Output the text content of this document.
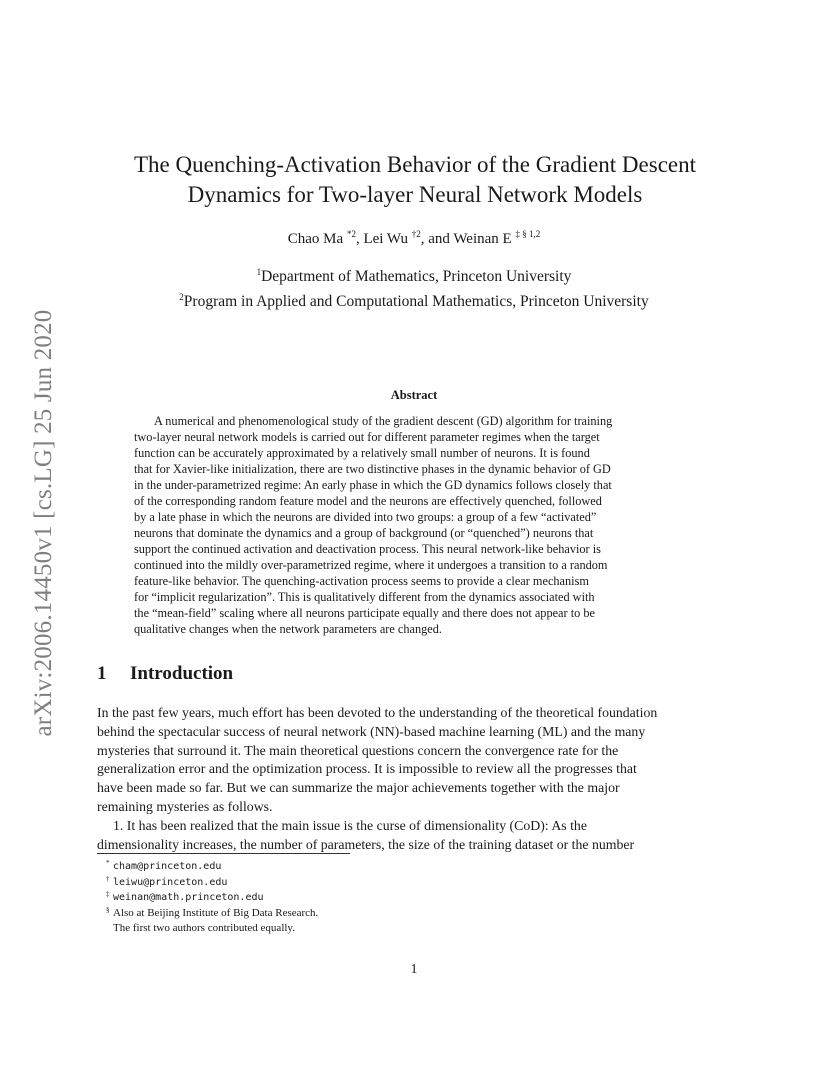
arXiv:2006.14450v1 [cs.LG] 25 Jun 2020
The Quenching-Activation Behavior of the Gradient Descent
Dynamics for Two-layer Neural Network Models
Chao Ma $^{*2}$, Lei Wu $^{\dagger 2}$, and Weinan E $^{\ddagger \S 1,2}$
$^1$Department of Mathematics, Princeton University
$^2$Program in Applied and Computational Mathematics, Princeton University
Abstract
A numerical and phenomenological study of the gradient descent (GD) algorithm for training
two-layer neural network models is carried out for different parameter regimes when the target
function can be accurately approximated by a relatively small number of neurons. It is found
that for Xavier-like initialization, there are two distinctive phases in the dynamic behavior of GD
in the under-parametrized regime: An early phase in which the GD dynamics follows closely that
of the corresponding random feature model and the neurons are effectively quenched, followed
by a late phase in which the neurons are divided into two groups: a group of a few “activated”
neurons that dominate the dynamics and a group of background (or “quenched”) neurons that
support the continued activation and deactivation process. This neural network-like behavior is
continued into the mildly over-parametrized regime, where it undergoes a transition to a random
feature-like behavior. The quenching-activation process seems to provide a clear mechanism
for “implicit regularization”. This is qualitatively different from the dynamics associated with
the “mean-field” scaling where all neurons participate equally and there does not appear to be
qualitative changes when the network parameters are changed.
1 Introduction
In the past few years, much effort has been devoted to the understanding of the theoretical foundation
behind the spectacular success of neural network (NN)-based machine learning (ML) and the many
mysteries that surround it. The main theoretical questions concern the convergence rate for the
generalization error and the optimization process. It is impossible to review all the progresses that
have been made so far. But we can summarize the major achievements together with the major
remaining mysteries as follows.
1. It has been realized that the main issue is the curse of dimensionality (CoD): As the
dimensionality increases, the number of parameters, the size of the training dataset or the number
* cham@princeton.edu
† leiwu@princeton.edu
‡ weinan@math.princeton.edu
§ Also at Beijing Institute of Big Data Research.
The first two authors contributed equally.
1
